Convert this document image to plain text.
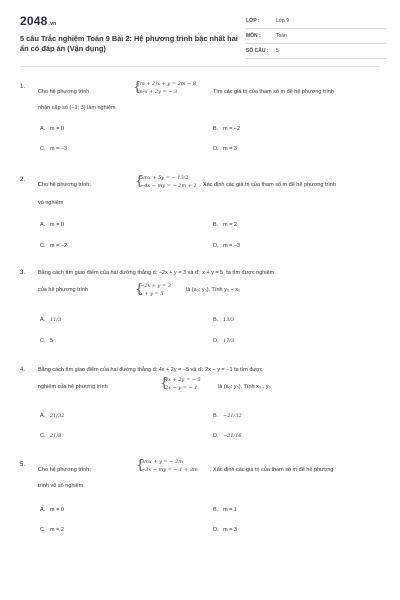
2048.vn
5 câu Trắc nghiệm Toán 9 Bài 2: Hệ phương trình bậc nhất hai ẩn có đáp án (Vận dụng)
LỚP :	Lớp 9
MÔN :	Toán
SỐ CÂU : 5
1.
Cho hệ phương trình	{
(m + 2)x + y = 2m − 8
m²x + 2y = − 3	. Tìm các giá trị của tham số m để hệ phương trình
nhận cặp số (−1; 3) làm nghiệm
A. m = 0	B. m = −2
C. m = −3	D. m = 3
2.
Cho hệ phương trình:	{
5mx + 5y = − 13/2
−4x − my = − 2m + 1 . Xác định các giá trị của tham số m để hệ phương trình
vô nghiệm
A. m = 0	B. m = 2
C. m = −2	D. m = −3
3. Bằng cách tìm giao điểm của hai đường thẳng d: −2x + y = 3 và d': x + y = 5, ta tìm được nghiệm
của hệ phương trình	{
−2x + y = 3
x + y = 5
là (x₀; y₀). Tính y₀ − x₀
A. 11/3	B. 13/3
C. 5	D. 17/3
4. Bằng cách tìm giao điểm của hai đường thẳng d: 4x + 2y = −5 và d': 2x − y = −1 ta tìm được
nghiệm của hệ phương trình	{
4x + 2y = − 5
2x − y = − 1	là (x₀; y₀). Tính x₀ . y₀
A. 21/32	B. −21/32
C. 21/8	D. −21/16
5.
Cho hệ phương trình:	{
3mx + y = − 2m
−3x − my = − 1 + 3m . Xác định các giá trị của tham số m để hệ phương
trình vô số nghiệm
A. m = 0	B. m = 1
C. m = 2	D. m = 3
